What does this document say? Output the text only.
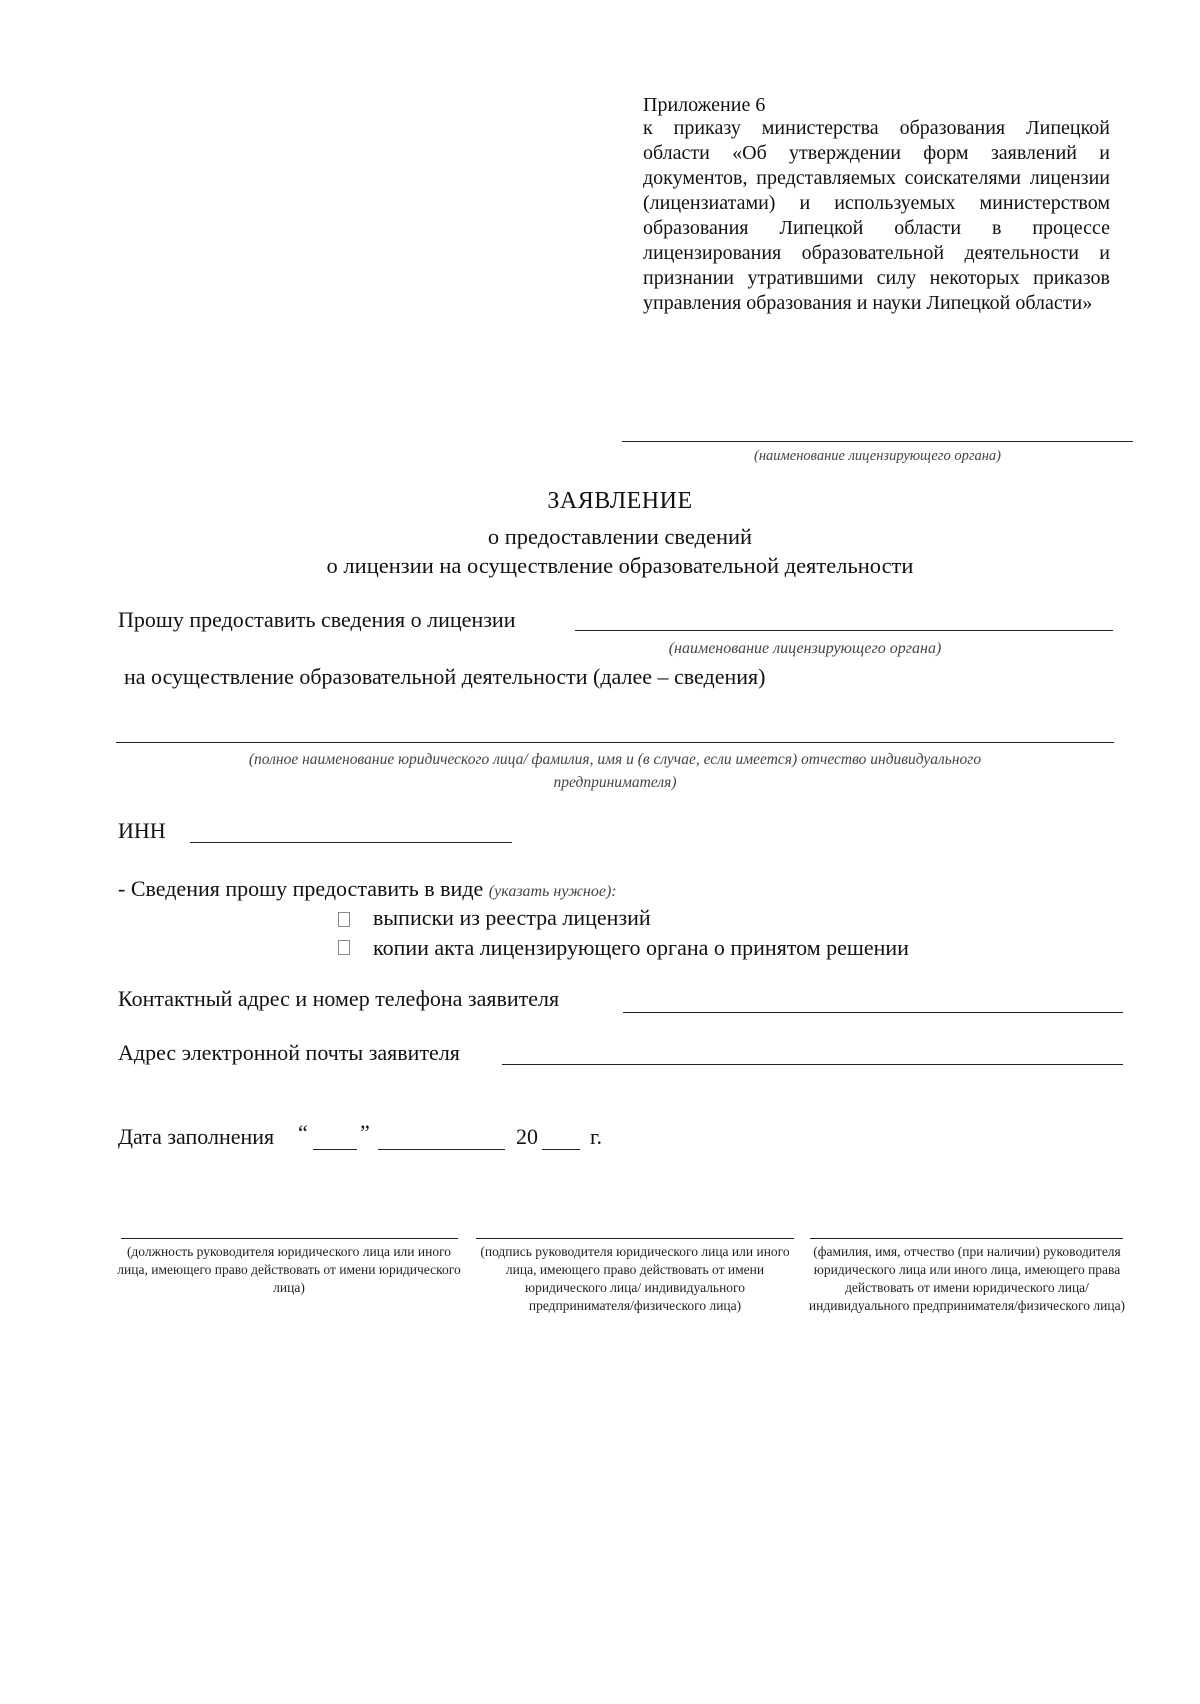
Приложение 6
к приказу министерства образования Липецкой области «Об утверждении форм заявлений и документов, представляемых соискателями лицензии (лицензиатами) и используемых министерством образования Липецкой области в процессе лицензирования образовательной деятельности и признании утратившими силу некоторых приказов управления образования и науки Липецкой области»
(наименование лицензирующего органа)
ЗАЯВЛЕНИЕ
о предоставлении сведений
о лицензии на осуществление образовательной деятельности
Прошу предоставить сведения о лицензии
(наименование лицензирующего органа)
на осуществление образовательной деятельности (далее – сведения)
(полное наименование юридического лица/ фамилия, имя и (в случае, если имеется) отчество индивидуального
предпринимателя)
ИНН
- Сведения прошу предоставить в виде (указать нужное):
выписки из реестра лицензий
копии акта лицензирующего органа о принятом решении
Контактный адрес и номер телефона заявителя
Адрес электронной почты заявителя
Дата заполнения “ ”	20 г.
(должность руководителя юридического лица или иного лица, имеющего право действовать от имени юридического лица)
(подпись руководителя юридического лица или иного лица, имеющего право действовать от имени юридического лица/ индивидуального предпринимателя/физического лица)
(фамилия, имя, отчество (при наличии) руководителя юридического лица или иного лица, имеющего права действовать от имени юридического лица/индивидуального предпринимателя/физического лица)
